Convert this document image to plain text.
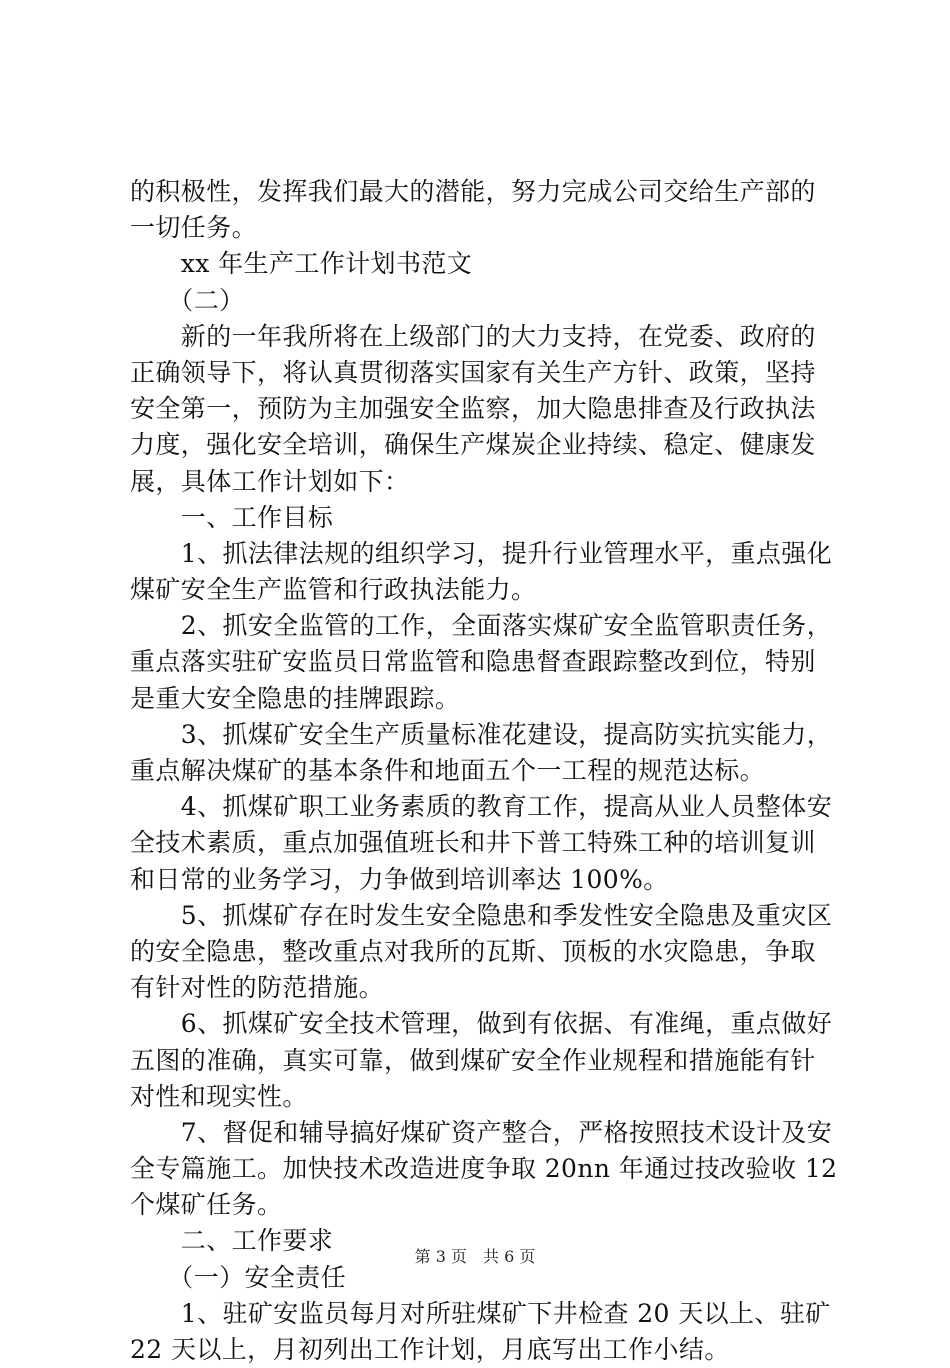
的积极性，发挥我们最大的潜能，努力完成公司交给生产部的
一切任务。
　　xx 年生产工作计划书范文
　　（二）
　　新的一年我所将在上级部门的大力支持，在党委、政府的
正确领导下，将认真贯彻落实国家有关生产方针、政策，坚持
安全第一，预防为主加强安全监察，加大隐患排查及行政执法
力度，强化安全培训，确保生产煤炭企业持续、稳定、健康发
展，具体工作计划如下：
　　一、工作目标
　　1、抓法律法规的组织学习，提升行业管理水平，重点强化
煤矿安全生产监管和行政执法能力。
　　2、抓安全监管的工作，全面落实煤矿安全监管职责任务，
重点落实驻矿安监员日常监管和隐患督查跟踪整改到位，特别
是重大安全隐患的挂牌跟踪。
　　3、抓煤矿安全生产质量标准花建设，提高防实抗实能力，
重点解决煤矿的基本条件和地面五个一工程的规范达标。
　　4、抓煤矿职工业务素质的教育工作，提高从业人员整体安
全技术素质，重点加强值班长和井下普工特殊工种的培训复训
和日常的业务学习，力争做到培训率达 100%。
　　5、抓煤矿存在时发生安全隐患和季发性安全隐患及重灾区
的安全隐患，整改重点对我所的瓦斯、顶板的水灾隐患，争取
有针对性的防范措施。
　　6、抓煤矿安全技术管理，做到有依据、有准绳，重点做好
五图的准确，真实可靠，做到煤矿安全作业规程和措施能有针
对性和现实性。
　　7、督促和辅导搞好煤矿资产整合，严格按照技术设计及安
全专篇施工。加快技术改造进度争取 20nn 年通过技改验收 12
个煤矿任务。
　　二、工作要求
　　（一）安全责任
　　1、驻矿安监员每月对所驻煤矿下井检查 20 天以上、驻矿
22 天以上，月初列出工作计划，月底写出工作小结。
第 3 页　共 6 页
